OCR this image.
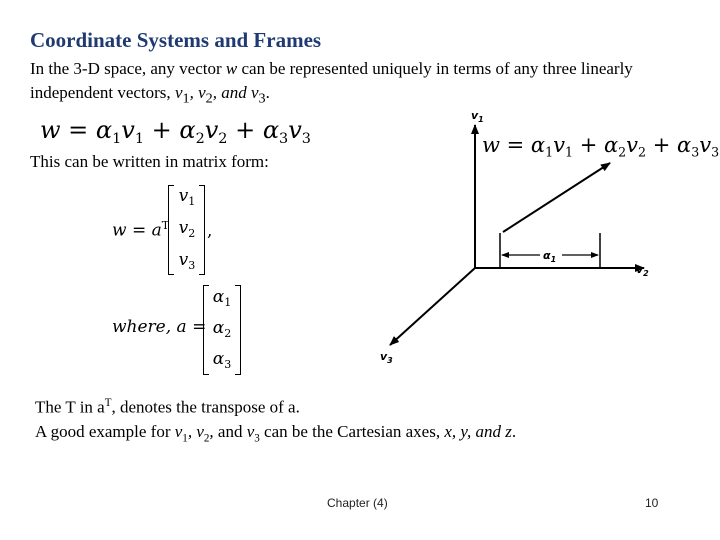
Coordinate Systems and Frames
In the 3-D space, any vector w can be represented uniquely in terms of any three linearly independent vectors, $v_1$, $v_2$, and $v_3$.
$w = \alpha_1v_1 + \alpha_2v_2 + \alpha_3v_3$
This can be written in matrix form:
$w = a^T$
$v_1$
$v_2$
$v_3$
,
where, a =
$\alpha_1$
$\alpha_2$
$\alpha_3$
$\alpha_1$
$v_1$
$v_2$
$v_3$
$w = \alpha_1v_1 + \alpha_2v_2 + \alpha_3v_3$
The T in $a^T$, denotes the transpose of a.
A good example for $v_1$, $v_2$, and $v_3$ can be the Cartesian axes, x, y, and z.
Chapter (4)	10
